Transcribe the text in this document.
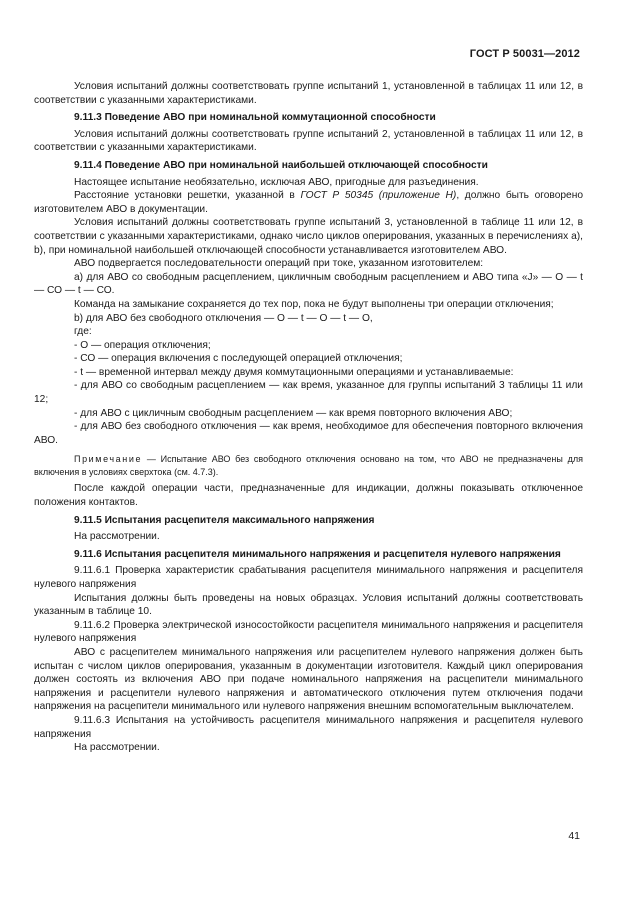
ГОСТ Р 50031—2012

Условия испытаний должны соответствовать группе испытаний 1, установленной в таблицах 11 или 12, в соответствии с указанными характеристиками.

9.11.3 Поведение АВО при номинальной коммутационной способности

Условия испытаний должны соответствовать группе испытаний 2, установленной в таблицах 11 или 12, в соответствии с указанными характеристиками.

9.11.4 Поведение АВО при номинальной наибольшей отключающей способности

Настоящее испытание необязательно, исключая АВО, пригодные для разъединения.

Расстояние установки решетки, указанной в ГОСТ Р 50345 (приложение Н), должно быть оговорено изготовителем АВО в документации.

Условия испытаний должны соответствовать группе испытаний 3, установленной в таблице 11 или 12, в соответствии с указанными характеристиками, однако число циклов оперирования, указанных в перечислениях а), b), при номинальной наибольшей отключающей способности устанавливается изготовителем АВО.

АВО подвергается последовательности операций при токе, указанном изготовителем:

а) для АВО со свободным расцеплением, цикличным свободным расцеплением и АВО типа «J» — О — t — СО — t — СО.

Команда на замыкание сохраняется до тех пор, пока не будут выполнены три операции отключения;

b) для АВО без свободного отключения — О — t — О — t — О,

где:

- О — операция отключения;

- СО — операция включения с последующей операцией отключения;

- t — временной интервал между двумя коммутационными операциями и устанавливаемые:

- для АВО со свободным расцеплением — как время, указанное для группы испытаний 3 таблицы 11 или 12;

- для АВО с цикличным свободным расцеплением — как время повторного включения АВО;

- для АВО без свободного отключения — как время, необходимое для обеспечения повторного включения АВО.

Примечание — Испытание АВО без свободного отключения основано на том, что АВО не предназначены для включения в условиях сверхтока (см. 4.7.3).

После каждой операции части, предназначенные для индикации, должны показывать отключенное положения контактов.

9.11.5 Испытания расцепителя максимального напряжения

На рассмотрении.

9.11.6 Испытания расцепителя минимального напряжения и расцепителя нулевого напряжения

9.11.6.1 Проверка характеристик срабатывания расцепителя минимального напряжения и расцепителя нулевого напряжения

Испытания должны быть проведены на новых образцах. Условия испытаний должны соответствовать указанным в таблице 10.

9.11.6.2 Проверка электрической износостойкости расцепителя минимального напряжения и расцепителя нулевого напряжения

АВО с расцепителем минимального напряжения или расцепителем нулевого напряжения должен быть испытан с числом циклов оперирования, указанным в документации изготовителя. Каждый цикл оперирования должен состоять из включения АВО при подаче номинального напряжения на расцепители минимального напряжения и расцепители нулевого напряжения и автоматического отключения путем отключения подачи напряжения на расцепители минимального или нулевого напряжения внешним вспомогательным выключателем.

9.11.6.3 Испытания на устойчивость расцепителя минимального напряжения и расцепителя нулевого напряжения

На рассмотрении.

41
